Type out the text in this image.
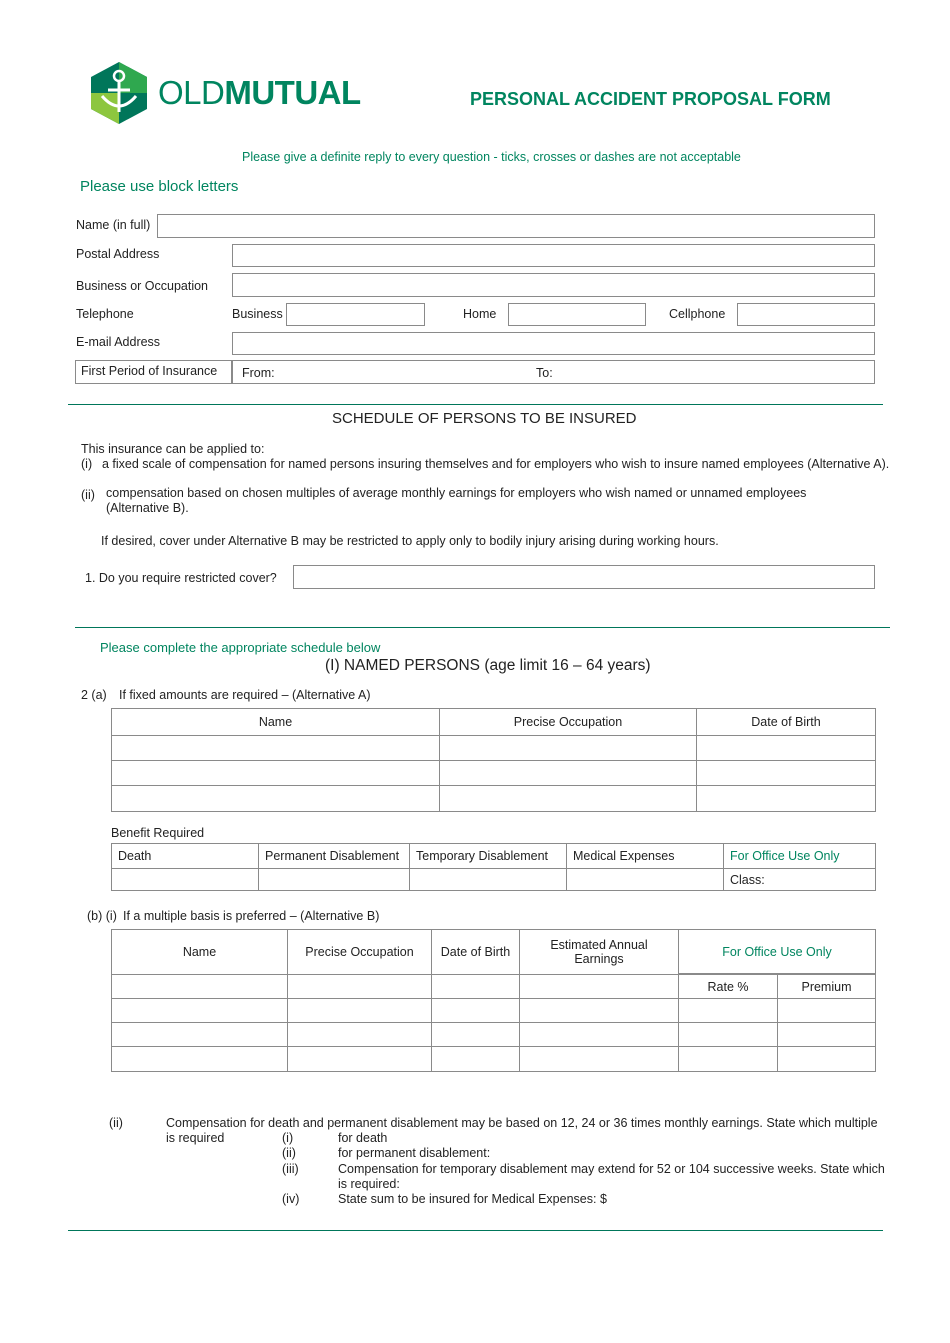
OLDMUTUAL	PERSONAL ACCIDENT PROPOSAL FORM
Please give a definite reply to every question - ticks, crosses or dashes are not acceptable
Please use block letters
Name (in full)
Postal Address
Business or Occupation
Telephone	Business	Home	Cellphone
E-mail Address
First Period of Insurance From:	To:
SCHEDULE OF PERSONS TO BE INSURED
This insurance can be applied to:
(i) a fixed scale of compensation for named persons insuring themselves and for employers who wish to insure named employees (Alternative A).
(ii) compensation based on chosen multiples of average monthly earnings for employers who wish named or unnamed employees
(Alternative B).
If desired, cover under Alternative B may be restricted to apply only to bodily injury arising during working hours.
1. Do you require restricted cover?
Please complete the appropriate schedule below
(I) NAMED PERSONS (age limit 16 – 64 years)
2 (a) If fixed amounts are required – (Alternative A)
Name	Precise Occupation	Date of Birth

Benefit Required
Death	Permanent Disablement	Temporary Disablement	Medical Expenses	For Office Use Only
				Class:
(b) (i) If a multiple basis is preferred – (Alternative B)
Name	Precise Occupation	Date of Birth	Estimated Annual
Earnings	For Office Use Only	

				Rate %	Premium

(ii)	Compensation for death and permanent disablement may be based on 12, 24 or 36 times monthly earnings. State which multiple
is required	(i)	for death
(ii)	for permanent disablement:
(iii)	Compensation for temporary disablement may extend for 52 or 104 successive weeks. State which
is required:
(iv)	State sum to be insured for Medical Expenses: $
